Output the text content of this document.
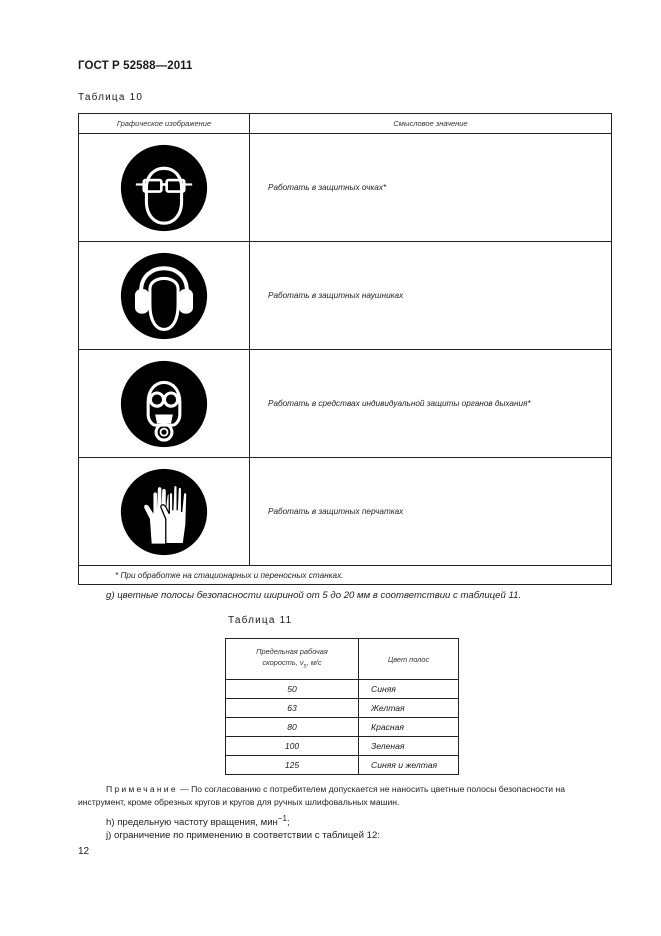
ГОСТ Р 52588—2011
Таблица 10
Графическое изображение	Смысловое значение

	Работать в защитных очках*

	Работать в защитных наушниках

	Работать в средствах индивидуальной защиты органов дыхания*

	Работать в защитных перчатках
* При обработке на стационарных и переносных станках.	
g) цветные полосы безопасности шириной от 5 до 20 мм в соответствии с таблицей 11.
Таблица 11
Предельная рабочая
скорость, $v_s$, м/с	Цвет полос
50	Синяя
63	Желтая
80	Красная
100	Зеленая
125	Синяя и желтая
Примечание — По согласованию с потребителем допускается не наносить цветные полосы безопасности на инструмент, кроме обрезных кругов и кругов для ручных шлифовальных машин.
h) предельную частоту вращения, мин$^{-1}$;
j) ограничение по применению в соответствии с таблицей 12:
12
